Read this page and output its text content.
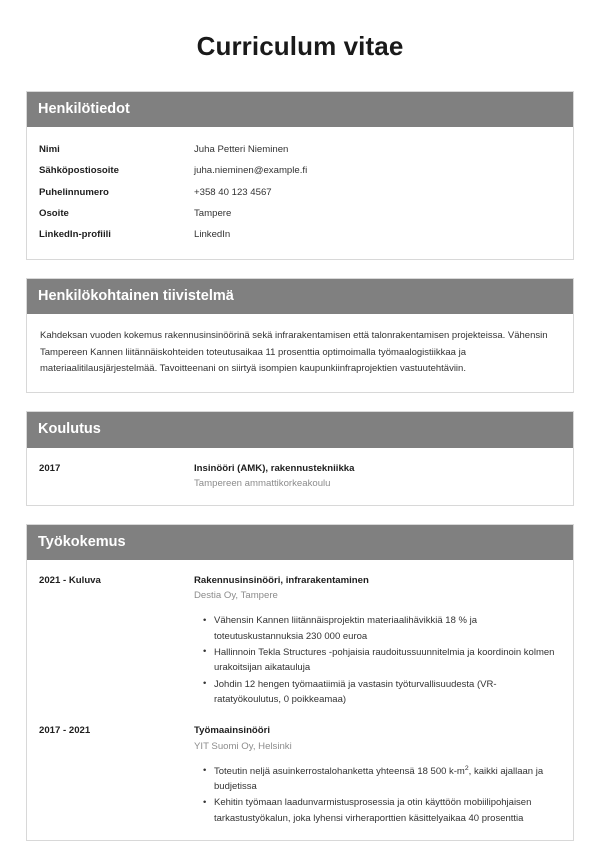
Curriculum vitae
Henkilötiedot
Nimi	Juha Petteri Nieminen
Sähköpostiosoite	juha.nieminen@example.fi
Puhelinnumero	+358 40 123 4567
Osoite	Tampere
LinkedIn-profiili	LinkedIn
Henkilökohtainen tiivistelmä

Kahdeksan vuoden kokemus rakennusinsinöörinä sekä infrarakentamisen että talonrakentamisen projekteissa. Vähensin Tampereen Kannen liitännäiskohteiden toteutusaikaa 11 prosenttia optimoimalla työmaalogistiikkaa ja materiaalitilausjärjestelmää. Tavoitteenani on siirtyä isompien kaupunkiinfraprojektien vastuutehtäviin.

Koulutus
2017	Insinööri (AMK), rakennustekniikka
Tampereen ammattikorkeakoulu
Työkokemus
2021 - Kuluva	Rakennusinsinööri, infrarakentaminen
Destia Oy, Tampere
• Vähensin Kannen liitännäisprojektin materiaalihävikkiä 18 % ja toteutuskustannuksia 230 000 euroa
• Hallinnoin Tekla Structures -pohjaisia raudoitussuunnitelmia ja koordinoin kolmen urakoitsijan aikatauluja
• Johdin 12 hengen työmaatiimiä ja vastasin työturvallisuudesta (VR-ratatyökoulutus, 0 poikkeamaa)
2017 - 2021	Työmaainsinööri
YIT Suomi Oy, Helsinki
• Toteutin neljä asuinkerrostalohanketta yhteensä 18 500 $k-m^2$, kaikki ajallaan ja budjetissa
• Kehitin työmaan laadunvarmistusprosessia ja otin käyttöön mobiilipohjaisen tarkastustyökalun, joka lyhensi virheraporttien käsittelyaikaa 40 prosenttia
